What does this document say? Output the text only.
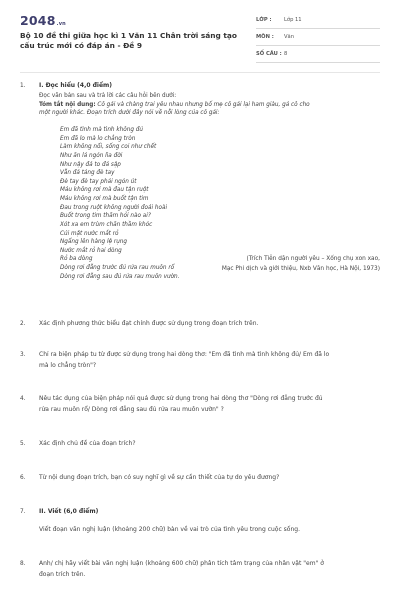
2048.vn
Bộ 10 đề thi giữa học kì 1 Văn 11 Chân trời sáng tạo cấu trúc mới có đáp án - Đề 9
LỚP :	Lớp 11
MÔN :	Văn
SỐ CÂU : 8
1. I. Đọc hiểu (4,0 điểm)
Đọc văn bản sau và trả lời các câu hỏi bên dưới:
Tóm tắt nội dung: Cô gái và chàng trai yêu nhau nhưng bố mẹ cô gái lại ham giàu, gả cô cho
một người khác. Đoạn trích dưới đây nói về nỗi lòng của cô gái:
Em đã tình mà tình không đủ
Em đã lo mà lo chẳng tròn
Làm không nổi, sống coi như chết
Như ăn lá ngón lìa đời
Như nậy đá to đá sập
Vẫn đá tảng đè tay
Đè tay đè tay phải ngón út
Máu không rơi mà đau tận ruột
Máu không rơi mà buốt tận tim
Đau trong ruột không người đoái hoài
Buốt trong tim thăm hỏi nào ai?
Xót xa em trùm chăn thầm khóc
Cúi mặt nước mắt rỏ
Ngẩng lên hàng lệ rụng
Nước mắt rỏ hai dòng
Rỏ ba dòng
Dòng rơi đẵng trước đủ rửa rau muôn rổ
Dòng rơi đẵng sau đủ rửa rau muôn vườn.
(Trích Tiễn dặn người yêu – Xống chụ xon xao,
Mạc Phi dịch và giới thiệu, Nxb Văn học, Hà Nội, 1973)
2. Xác định phương thức biểu đạt chính được sử dụng trong đoạn trích trên.
3. Chỉ ra biện pháp tu từ được sử dụng trong hai dòng thơ: "Em đã tình mà tình không đủ/ Em đã lo
mà lo chẳng tròn"?
4. Nêu tác dụng của biện pháp nói quá được sử dụng trong hai dòng thơ "Dòng rơi đẵng trước đủ
rửa rau muôn rổ/ Dòng rơi đẵng sau đủ rửa rau muôn vườn" ?
5. Xác định chủ đề của đoạn trích?
6. Từ nội dung đoạn trích, bạn có suy nghĩ gì về sự cần thiết của tự do yêu đương?
7. II. Viết (6,0 điểm)
Viết đoạn văn nghị luận (khoảng 200 chữ) bàn về vai trò của tình yêu trong cuộc sống.
8. Anh/ chị hãy viết bài văn nghị luận (khoảng 600 chữ) phân tích tâm trạng của nhân vật "em" ở
đoạn trích trên.
